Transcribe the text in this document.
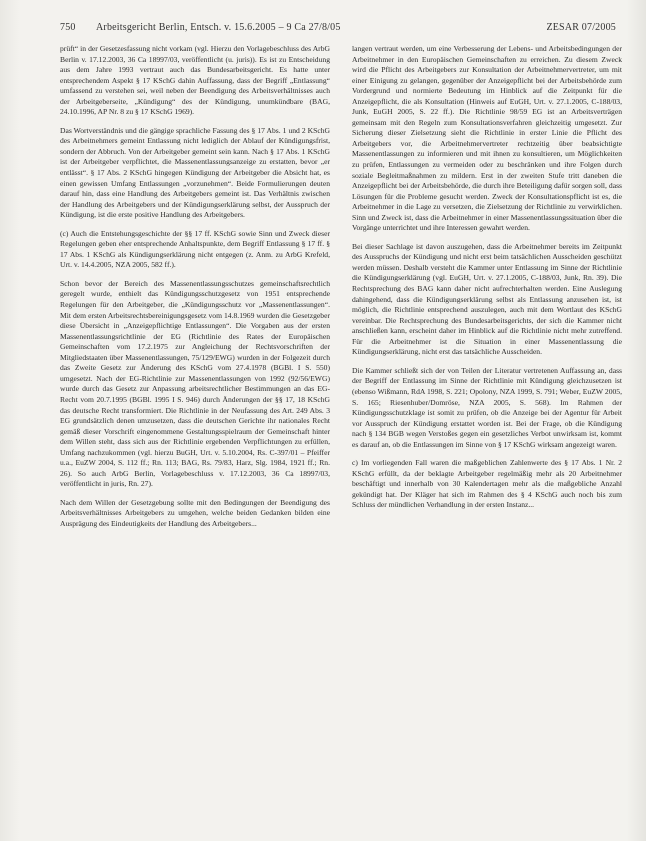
750 Arbeitsgericht Berlin, Entsch. v. 15.6.2005 – 9 Ca 27/8/05	ZESAR 07/2005

prüft“ in der Gesetzesfassung nicht vorkam (vgl. Hierzu den Vorlagebeschluss des ArbG Berlin v. 17.12.2003, 36 Ca 18997/03, veröffentlicht (u. juris)). Es ist zu Entscheidung aus dem Jahre 1993 vertraut auch das Bundesarbeitsgericht. Es hatte unter entsprechendem Aspekt § 17 KSchG dahin Auffassung, dass der Begriff „Entlassung“ umfassend zu verstehen sei, weil neben der Beendigung des Arbeitsverhältnisses auch der Arbeitgeberseite, „Kündigung“ des der Kündigung, unumkündbare (BAG, 24.10.1996, AP Nr. 8 zu § 17 KSchG 1969).

Das Wortverständnis und die gängige sprachliche Fassung des § 17 Abs. 1 und 2 KSchG des Arbeitnehmers gemeint Entlassung nicht lediglich der Ablauf der Kündigungsfrist, sondern der Abbruch. Von der Arbeitgeber gemeint sein kann. Nach § 17 Abs. 1 KSchG ist der Arbeitgeber verpflichtet, die Massenentlassungsanzeige zu erstatten, bevor „er entlässt“. § 17 Abs. 2 KSchG hingegen Kündigung der Arbeitgeber die Absicht hat, es einen gewissen Umfang Entlassungen „vorzunehmen“. Beide Formulierungen deuten darauf hin, dass eine Handlung des Arbeitgebers gemeint ist. Das Verhältnis zwischen der Handlung des Arbeitgebers und der Kündigungserklärung selbst, der Ausspruch der Kündigung, ist die erste positive Handlung des Arbeitgebers.

(c) Auch die Entstehungsgeschichte der §§ 17 ff. KSchG sowie Sinn und Zweck dieser Regelungen geben eher entsprechende Anhaltspunkte, dem Begriff Entlassung § 17 ff. § 17 Abs. 1 KSchG als Kündigungserklärung nicht entgegen (z. Anm. zu ArbG Krefeld, Urt. v. 14.4.2005, NZA 2005, 582 ff.).

Schon bevor der Bereich des Massenentlassungsschutzes gemeinschaftsrechtlich geregelt wurde, enthielt das Kündigungsschutzgesetz von 1951 entsprechende Regelungen für den Arbeitgeber, die „Kündigungsschutz vor „Massenentlassungen“. Mit dem ersten Arbeitsrechtsbereinigungsgesetz vom 14.8.1969 wurden die Gesetzgeber diese Übersicht in „Anzeigepflichtige Entlassungen“. Die Vorgaben aus der ersten Massenentlassungsrichtlinie der EG (Richtlinie des Rates der Europäischen Gemeinschaften vom 17.2.1975 zur Angleichung der Rechtsvorschriften der Mitgliedstaaten über Massenentlassungen, 75/129/EWG) wurden in der Folgezeit durch das Zweite Gesetz zur Änderung des KSchG vom 27.4.1978 (BGBl. I S. 550) umgesetzt. Nach der EG-Richtlinie zur Massenentlassungen von 1992 (92/56/EWG) wurde durch das Gesetz zur Anpassung arbeitsrechtlicher Bestimmungen an das EG-Recht vom 20.7.1995 (BGBl. 1995 I S. 946) durch Änderungen der §§ 17, 18 KSchG das deutsche Recht transformiert. Die Richtlinie in der Neufassung des Art. 249 Abs. 3 EG grundsätzlich denen umzusetzen, dass die deutschen Gerichte ihr nationales Recht gemäß dieser Vorschrift eingenommene Gestaltungsspielraum der Gemeinschaft hinter dem Willen steht, dass sich aus der Richtlinie ergebenden Verpflichtungen zu erfüllen, Umfang nachzukommen (vgl. hierzu BuGH, Urt. v. 5.10.2004, Rs. C-397/01 – Pfeiffer u.a., EuZW 2004, S. 112 ff.; Rn. 113; BAG, Rs. 79/83, Harz, Slg. 1984, 1921 ff.; Rn. 26). So auch ArbG Berlin, Vorlagebeschluss v. 17.12.2003, 36 Ca 18997/03, veröffentlicht in juris, Rn. 27).

Nach dem Willen der Gesetzgebung sollte mit den Bedingungen der Beendigung des Arbeitsverhältnisses Arbeitgebers zu umgehen, welche beiden Gedanken bilden eine Ausprägung des Eindeutigkeits der Handlung des Arbeitgebers...

langen vertraut werden, um eine Verbesserung der Lebens- und Arbeitsbedingungen der Arbeitnehmer in den Europäischen Gemeinschaften zu erreichen. Zu diesem Zweck wird die Pflicht des Arbeitgebers zur Konsultation der Arbeitnehmervertreter, um mit einer Einigung zu gelangen, gegenüber der Anzeigepflicht bei der Arbeitsbehörde zum Vordergrund und normierte Bedeutung im Hinblick auf die Zeitpunkt für die Anzeigepflicht, die als Konsultation (Hinweis auf EuGH, Urt. v. 27.1.2005, C-188/03, Junk, EuGH 2005, S. 22 ff.). Die Richtlinie 98/59 EG ist an Arbeitsverträgen gemeinsam mit den Regeln zum Konsultationsverfahren gleichzeitig umgesetzt. Zur Sicherung dieser Zielsetzung sieht die Richtlinie in erster Linie die Pflicht des Arbeitgebers vor, die Arbeitnehmervertreter rechtzeitig über beabsichtigte Massenentlassungen zu informieren und mit ihnen zu konsultieren, um Möglichkeiten zu prüfen, Entlassungen zu vermeiden oder zu beschränken und ihre Folgen durch soziale Begleitmaßnahmen zu mildern. Erst in der zweiten Stufe tritt daneben die Anzeigepflicht bei der Arbeitsbehörde, die durch ihre Beteiligung dafür sorgen soll, dass Lösungen für die Probleme gesucht werden. Zweck der Konsultationspflicht ist es, die Arbeitnehmer in die Lage zu versetzen, die Zielsetzung der Richtlinie zu verwirklichen. Sinn und Zweck ist, dass die Arbeitnehmer in einer Massenentlassungssituation über die Vorgänge unterrichtet und ihre Interessen gewahrt werden.

Bei dieser Sachlage ist davon auszugehen, dass die Arbeitnehmer bereits im Zeitpunkt des Ausspruchs der Kündigung und nicht erst beim tatsächlichen Ausscheiden geschützt werden müssen. Deshalb versteht die Kammer unter Entlassung im Sinne der Richtlinie die Kündigungserklärung (vgl. EuGH, Urt. v. 27.1.2005, C-188/03, Junk, Rn. 39). Die Rechtsprechung des BAG kann daher nicht aufrechterhalten werden. Eine Auslegung dahingehend, dass die Kündigungserklärung selbst als Entlassung anzusehen ist, ist möglich, die Richtlinie entsprechend auszulegen, auch mit dem Wortlaut des KSchG vereinbar. Die Rechtsprechung des Bundesarbeitsgerichts, der sich die Kammer nicht anschließen kann, erscheint daher im Hinblick auf die Richtlinie nicht mehr zutreffend. Für die Arbeitnehmer ist die Situation in einer Massenentlassung die Kündigungserklärung, nicht erst das tatsächliche Ausscheiden.

Die Kammer schließt sich der von Teilen der Literatur vertretenen Auffassung an, dass der Begriff der Entlassung im Sinne der Richtlinie mit Kündigung gleichzusetzen ist (ebenso Wißmann, RdA 1998, S. 221; Opolony, NZA 1999, S. 791; Weber, EuZW 2005, S. 165; Riesenhuber/Domröse, NZA 2005, S. 568). Im Rahmen der Kündigungsschutzklage ist somit zu prüfen, ob die Anzeige bei der Agentur für Arbeit vor Ausspruch der Kündigung erstattet worden ist. Bei der Frage, ob die Kündigung nach § 134 BGB wegen Verstoßes gegen ein gesetzliches Verbot unwirksam ist, kommt es darauf an, ob die Entlassungen im Sinne von § 17 KSchG wirksam angezeigt waren.

c) Im vorliegenden Fall waren die maßgeblichen Zahlenwerte des § 17 Abs. 1 Nr. 2 KSchG erfüllt, da der beklagte Arbeitgeber regelmäßig mehr als 20 Arbeitnehmer beschäftigt und innerhalb von 30 Kalendertagen mehr als die maßgebliche Anzahl gekündigt hat. Der Kläger hat sich im Rahmen des § 4 KSchG auch noch bis zum Schluss der mündlichen Verhandlung in der ersten Instanz...
